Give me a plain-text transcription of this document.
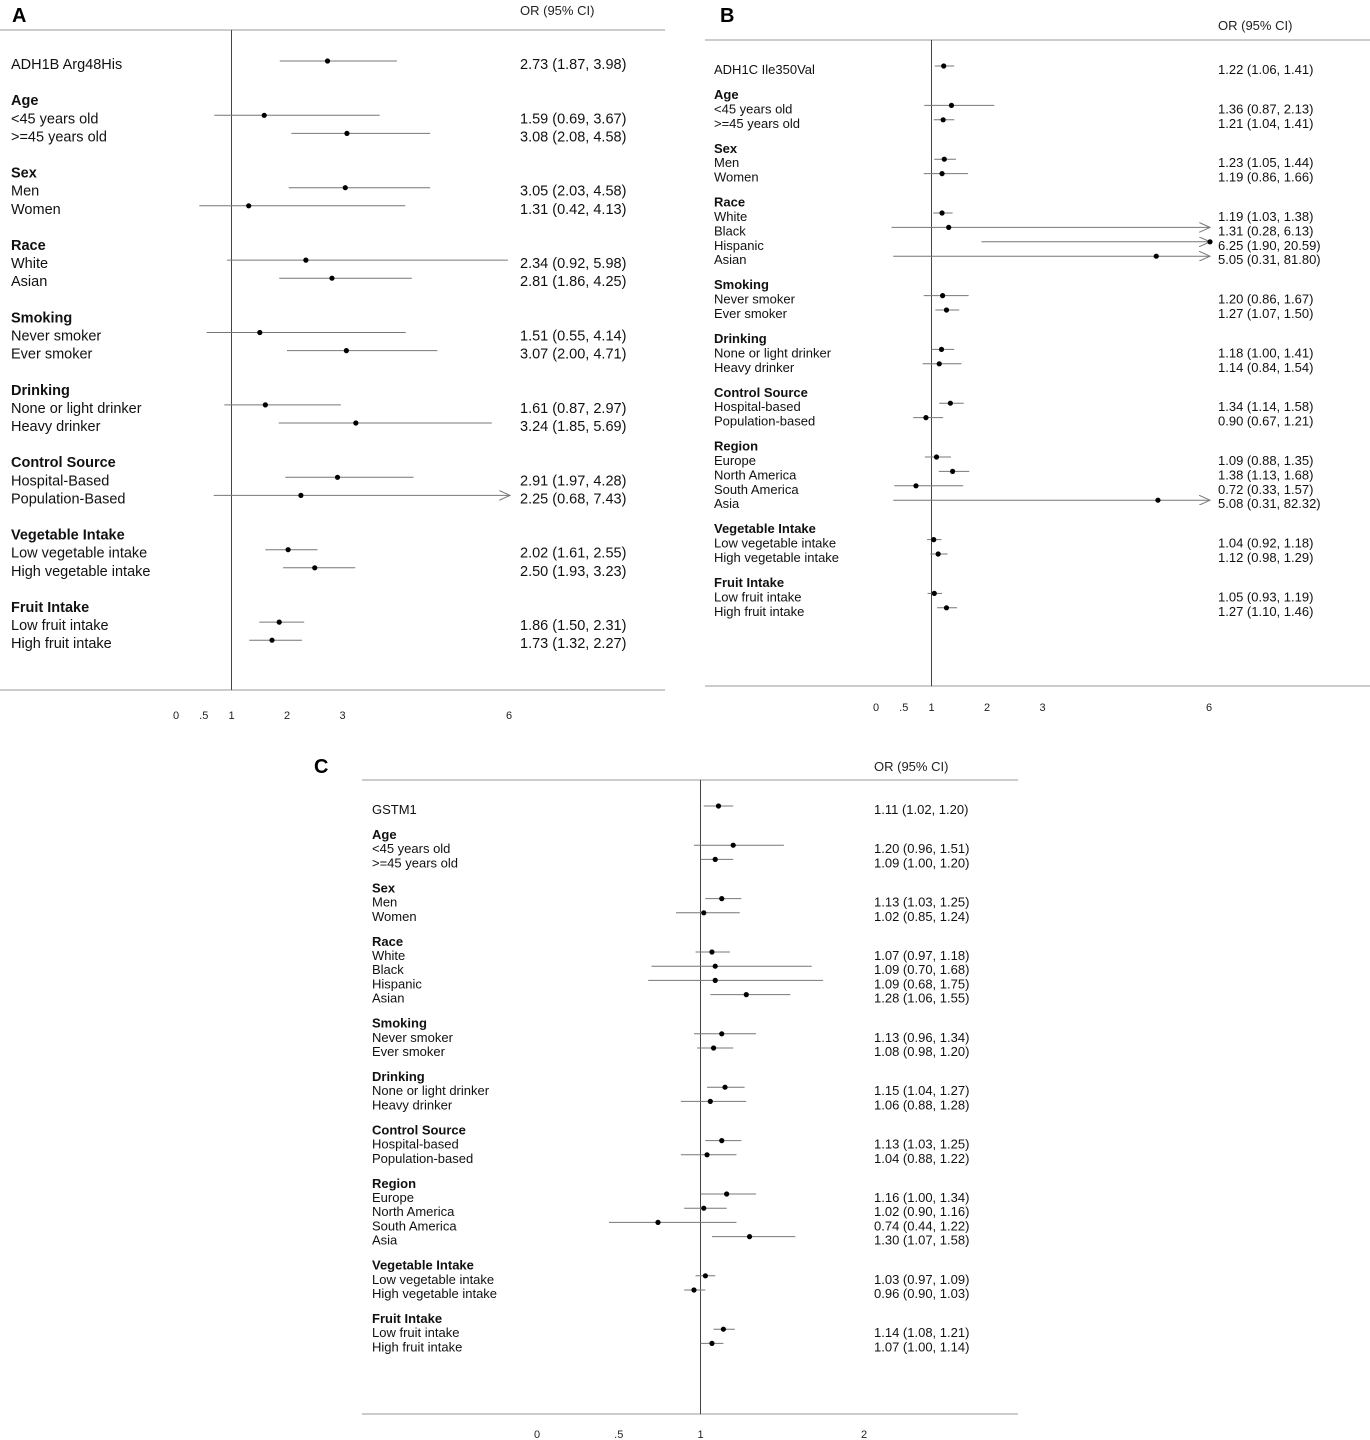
A	OR (95% CI)
ADH1B Arg48His	2.73 (1.87, 3.98)
Age
<45 years old	1.59 (0.69, 3.67)
>=45 years old	3.08 (2.08, 4.58)
Sex
Men	3.05 (2.03, 4.58)
Women	1.31 (0.42, 4.13)
Race
White	2.34 (0.92, 5.98)
Asian	2.81 (1.86, 4.25)
Smoking
Never smoker	1.51 (0.55, 4.14)
Ever smoker	3.07 (2.00, 4.71)
Drinking
None or light drinker	1.61 (0.87, 2.97)
Heavy drinker	3.24 (1.85, 5.69)
Control Source
Hospital-Based	2.91 (1.97, 4.28)
Population-Based	2.25 (0.68, 7.43)
Vegetable Intake
Low vegetable intake	2.02 (1.61, 2.55)
High vegetable intake	2.50 (1.93, 3.23)
Fruit Intake
Low fruit intake	1.86 (1.50, 2.31)
High fruit intake	1.73 (1.32, 2.27)
0 .5 1	2	3	6
B	OR (95% CI)
ADH1C Ile350Val	1.22 (1.06, 1.41)
Age
<45 years old	1.36 (0.87, 2.13)
>=45 years old	1.21 (1.04, 1.41)
Sex
Men	1.23 (1.05, 1.44)
Women	1.19 (0.86, 1.66)
Race
White	1.19 (1.03, 1.38)
Black	1.31 (0.28, 6.13)
Hispanic	6.25 (1.90, 20.59)
Asian	5.05 (0.31, 81.80)
Smoking
Never smoker	1.20 (0.86, 1.67)
Ever smoker	1.27 (1.07, 1.50)
Drinking
None or light drinker	1.18 (1.00, 1.41)
Heavy drinker	1.14 (0.84, 1.54)
Control Source
Hospital-based	1.34 (1.14, 1.58)
Population-based	0.90 (0.67, 1.21)
Region
Europe	1.09 (0.88, 1.35)
North America	1.38 (1.13, 1.68)
South America	0.72 (0.33, 1.57)
Asia	5.08 (0.31, 82.32)
Vegetable Intake
Low vegetable intake	1.04 (0.92, 1.18)
High vegetable intake	1.12 (0.98, 1.29)
Fruit Intake
Low fruit intake	1.05 (0.93, 1.19)
High fruit intake	1.27 (1.10, 1.46)
0 .5 1	2	3	6
C	OR (95% CI)
GSTM1	1.11 (1.02, 1.20)
Age
<45 years old	1.20 (0.96, 1.51)
>=45 years old	1.09 (1.00, 1.20)
Sex
Men	1.13 (1.03, 1.25)
Women	1.02 (0.85, 1.24)
Race
White	1.07 (0.97, 1.18)
Black	1.09 (0.70, 1.68)
Hispanic	1.09 (0.68, 1.75)
Asian	1.28 (1.06, 1.55)
Smoking
Never smoker	1.13 (0.96, 1.34)
Ever smoker	1.08 (0.98, 1.20)
Drinking
None or light drinker	1.15 (1.04, 1.27)
Heavy drinker	1.06 (0.88, 1.28)
Control Source
Hospital-based	1.13 (1.03, 1.25)
Population-based	1.04 (0.88, 1.22)
Region
Europe	1.16 (1.00, 1.34)
North America	1.02 (0.90, 1.16)
South America	0.74 (0.44, 1.22)
Asia	1.30 (1.07, 1.58)
Vegetable Intake
Low vegetable intake	1.03 (0.97, 1.09)
High vegetable intake	0.96 (0.90, 1.03)
Fruit Intake
Low fruit intake	1.14 (1.08, 1.21)
High fruit intake	1.07 (1.00, 1.14)
0	.5	1	2
